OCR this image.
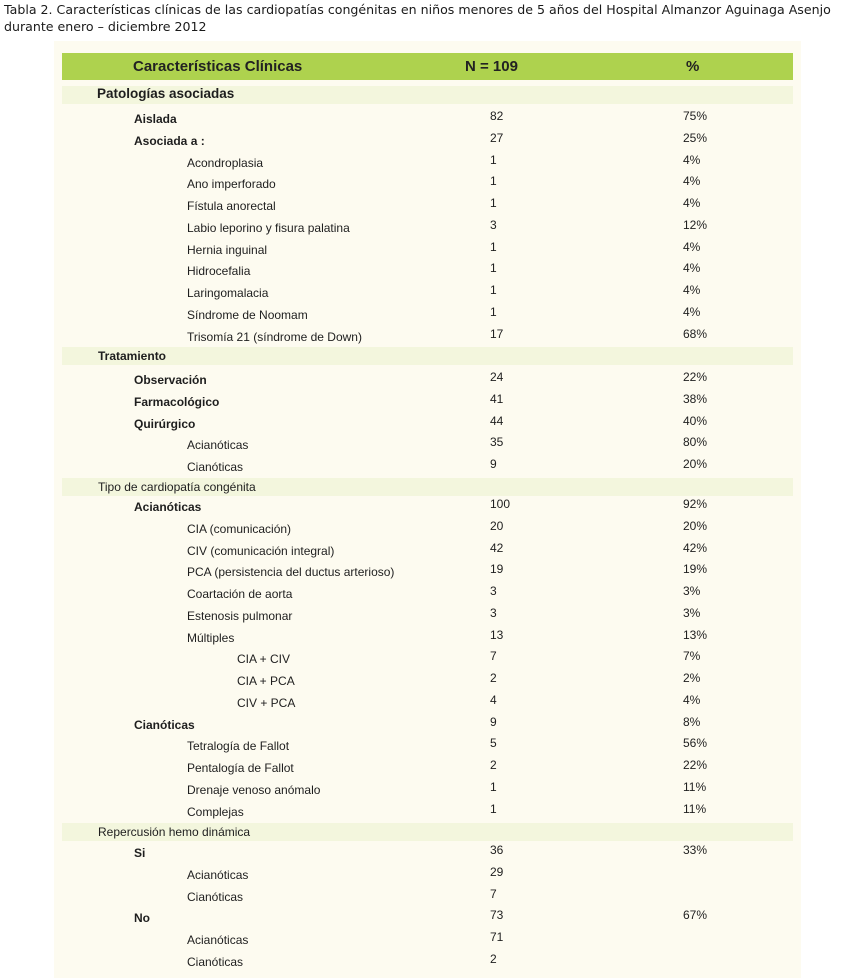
Tabla 2. Características clínicas de las cardiopatías congénitas en niños menores de 5 años del Hospital Almanzor Aguinaga Asenjo durante enero – diciembre 2012
Características Clínicas	N = 109	%
Patologías asociadas
Aislada	82	75%
Asociada a :	27	25%
Acondroplasia	1	4%
Ano imperforado	1	4%
Fístula anorectal	1	4%
Labio leporino y fisura palatina	3	12%
Hernia inguinal	1	4%
Hidrocefalia	1	4%
Laringomalacia	1	4%
Síndrome de Noomam	1	4%
Trisomía 21 (síndrome de Down)	17	68%
Tratamiento
Observación	24	22%
Farmacológico	41	38%
Quirúrgico	44	40%
Acianóticas	35	80%
Cianóticas	9	20%
Tipo de cardiopatía congénita
Acianóticas	100	92%
CIA (comunicación)	20	20%
CIV (comunicación integral)	42	42%
PCA (persistencia del ductus arterioso)	19	19%
Coartación de aorta	3	3%
Estenosis pulmonar	3	3%
Múltiples	13	13%
CIA + CIV	7	7%
CIA + PCA	2	2%
CIV + PCA	4	4%
Cianóticas	9	8%
Tetralogía de Fallot	5	56%
Pentalogía de Fallot	2	22%
Drenaje venoso anómalo	1	11%
Complejas	1	11%
Repercusión hemo dinámica
Si	36	33%
Acianóticas	29
Cianóticas	7
No	73	67%
Acianóticas	71
Cianóticas	2
